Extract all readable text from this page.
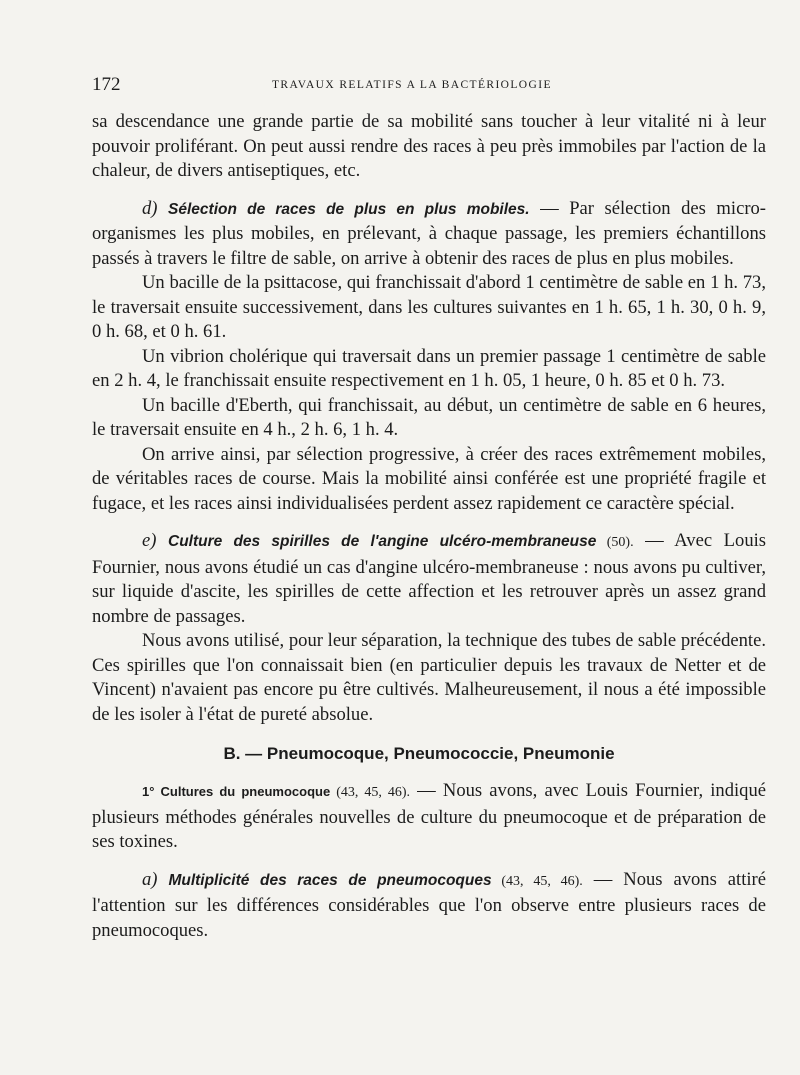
172	TRAVAUX RELATIFS A LA BACTÉRIOLOGIE

sa descendance une grande partie de sa mobilité sans toucher à leur vitalité ni à leur pouvoir proliférant. On peut aussi rendre des races à peu près immobiles par l'action de la chaleur, de divers antiseptiques, etc.

d) Sélection de races de plus en plus mobiles. — Par sélection des micro-organismes les plus mobiles, en prélevant, à chaque passage, les premiers échantillons passés à travers le filtre de sable, on arrive à obtenir des races de plus en plus mobiles.

Un bacille de la psittacose, qui franchissait d'abord 1 centimètre de sable en 1 h. 73, le traversait ensuite successivement, dans les cultures suivantes en 1 h. 65, 1 h. 30, 0 h. 9, 0 h. 68, et 0 h. 61.

Un vibrion cholérique qui traversait dans un premier passage 1 centimètre de sable en 2 h. 4, le franchissait ensuite respectivement en 1 h. 05, 1 heure, 0 h. 85 et 0 h. 73.

Un bacille d'Eberth, qui franchissait, au début, un centimètre de sable en 6 heures, le traversait ensuite en 4 h., 2 h. 6, 1 h. 4.

On arrive ainsi, par sélection progressive, à créer des races extrêmement mobiles, de véritables races de course. Mais la mobilité ainsi conférée est une propriété fragile et fugace, et les races ainsi individualisées perdent assez rapidement ce caractère spécial.

e) Culture des spirilles de l'angine ulcéro-membraneuse (50). — Avec Louis Fournier, nous avons étudié un cas d'angine ulcéro-membraneuse : nous avons pu cultiver, sur liquide d'ascite, les spirilles de cette affection et les retrouver après un assez grand nombre de passages.

Nous avons utilisé, pour leur séparation, la technique des tubes de sable précédente. Ces spirilles que l'on connaissait bien (en particulier depuis les travaux de Netter et de Vincent) n'avaient pas encore pu être cultivés. Malheureusement, il nous a été impossible de les isoler à l'état de pureté absolue.

B. — Pneumocoque, Pneumococcie, Pneumonie

1° Cultures du pneumocoque (43, 45, 46). — Nous avons, avec Louis Fournier, indiqué plusieurs méthodes générales nouvelles de culture du pneumocoque et de préparation de ses toxines.

a) Multiplicité des races de pneumocoques (43, 45, 46). — Nous avons attiré l'attention sur les différences considérables que l'on observe entre plusieurs races de pneumocoques.
